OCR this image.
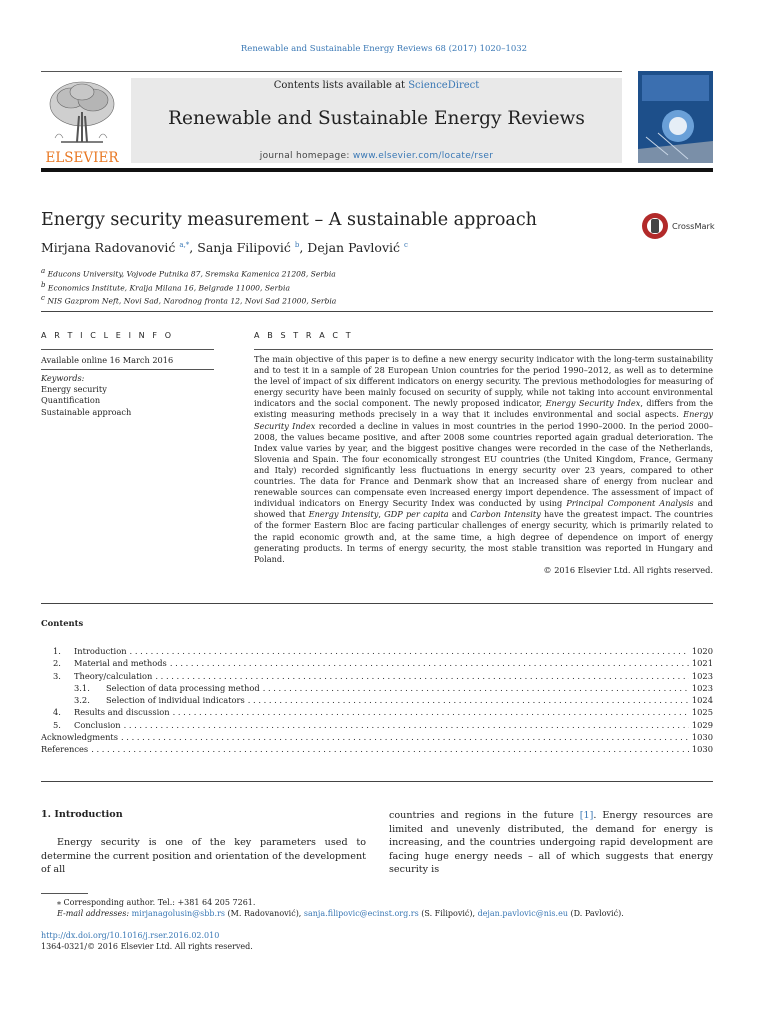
Renewable and Sustainable Energy Reviews 68 (2017) 1020–1032
ELSEVIER
Contents lists available at ScienceDirect
Renewable and Sustainable Energy Reviews
journal homepage: www.elsevier.com/locate/rser
Energy security measurement – A sustainable approach	CrossMark
Mirjana Radovanović $^{a,*}$, Sanja Filipović $^b$, Dejan Pavlović $^c$
$^a$ Educons University, Vojvode Putnika 87, Sremska Kamenica 21208, Serbia
$^b$ Economics Institute, Kralja Milana 16, Belgrade 11000, Serbia
$^c$ NIS Gazprom Neft, Novi Sad, Narodnog fronta 12, Novi Sad 21000, Serbia
A R T I C L E I N F O	A B S T R A C T
Available online 16 March 2016
Keywords:
Energy security
Quantification
Sustainable approach
The main objective of this paper is to define a new energy security indicator with the long-term sustainability and to test it in a sample of 28 European Union countries for the period 1990–2012, as well as to determine the level of impact of six different indicators on energy security. The previous methodologies for measuring of energy security have been mainly focused on security of supply, while not taking into account environmental indicators and the social component. The newly proposed indicator, Energy Security Index, differs from the existing measuring methods precisely in a way that it includes environmental and social aspects. Energy Security Index recorded a decline in values in most countries in the period 1990–2000. In the period 2000–2008, the values became positive, and after 2008 some countries reported again gradual deterioration. The Index value varies by year, and the biggest positive changes were recorded in the case of the Netherlands, Slovenia and Spain. The four economically strongest EU countries (the United Kingdom, France, Germany and Italy) recorded significantly less fluctuations in energy security over 23 years, compared to other countries. The data for France and Denmark show that an increased share of energy from nuclear and renewable sources can compensate even increased energy import dependence. The assessment of impact of individual indicators on Energy Security Index was conducted by using Principal Component Analysis and showed that Energy Intensity, GDP per capita and Carbon Intensity have the greatest impact. The countries of the former Eastern Bloc are facing particular challenges of energy security, which is primarily related to the rapid economic growth and, at the same time, a high degree of dependence on import of energy generating products. In terms of energy security, the most stable transition was reported in Hungary and Poland.
© 2016 Elsevier Ltd. All rights reserved.
Contents
1.	Introduction . . .	1020
2.	Material and methods . . .	1021
3.	Theory/calculation . . .	1023
3.1.	Selection of data processing method . . .	1023
3.2.	Selection of individual indicators . . .	1024
4.	Results and discussion . . .	1025
5.	Conclusion . . .	1029
Acknowledgments . . .	1030
References . . .	1030
1. Introduction
Energy security is one of the key parameters used to determine the current position and orientation of the development of all
countries and regions in the future [1]. Energy resources are limited and unevenly distributed, the demand for energy is increasing, and the countries undergoing rapid development are facing huge energy needs – all of which suggests that energy security is
⁎ Corresponding author. Tel.: +381 64 205 7261.
E-mail addresses: mirjanagolusin@sbb.rs (M. Radovanović), sanja.filipovic@ecinst.org.rs (S. Filipović), dejan.pavlovic@nis.eu (D. Pavlović).
http://dx.doi.org/10.1016/j.rser.2016.02.010
1364-0321/© 2016 Elsevier Ltd. All rights reserved.
